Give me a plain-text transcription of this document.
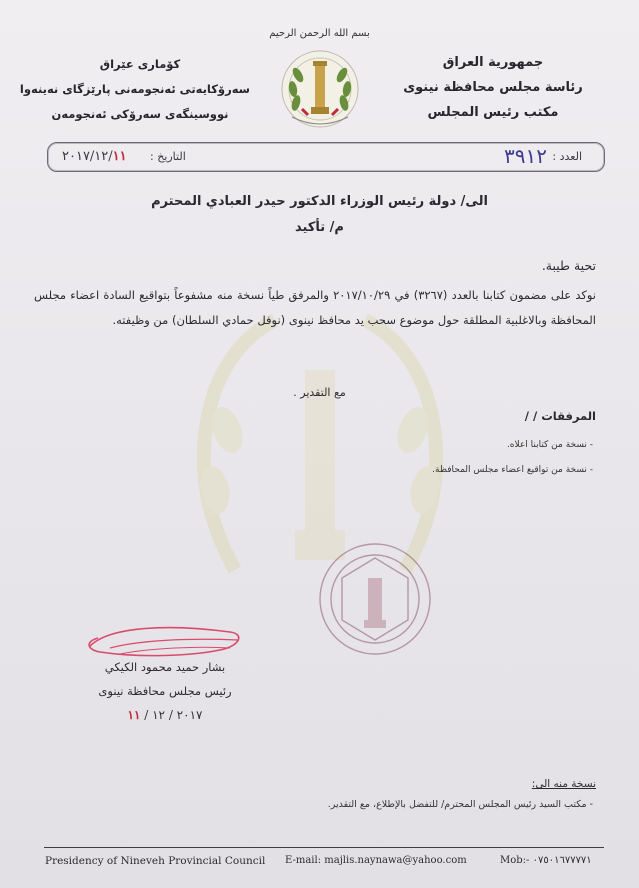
بسم الله الرحمن الرحيم
جمهورية العراق
رئاسة مجلس محافظة نينوى
مكتب رئيس المجلس
كۆمارى عێراق
سەرۆکایەتى ئەنجومەنى پارێزگاى نەینەوا
نووسینگەى سەرۆکى ئەنجومەن
العدد :
٣٩١٢
التاريخ :
٢٠١٧/١٢/١١
الى/ دولة رئيس الوزراء الدكتور حيدر العبادي المحترم
م/ تأكيد
تحية طيبة.
نوكد على مضمون كتابنا بالعدد (٣٢٦٧) في ٢٠١٧/١٠/٢٩ والمرفق طياً نسخة منه مشفوعاً بتواقيع السادة اعضاء مجلس المحافظة وبالاغلبية المطلقة حول موضوع سحب يد محافظ نينوى (نوفل حمادي السلطان) من وظيفته.
مع التقدير .
المرفقات / /
- نسخة من كتابنا اعلاه.
- نسخة من تواقيع اعضاء مجلس المحافظة.
بشار حميد محمود الكيكي
رئيس مجلس محافظة نينوى
٢٠١٧ / ١٢ / ١١
نسخة منه الى:
- مكتب السيد رئيس المجلس المحترم/ للتفضل بالإطلاع، مع التقدير.
Presidency of Nineveh Provincial Council E-mail: majlis.naynawa@yahoo.com	Mob:- ٠٧٥٠١٦٧٧٧٧١
